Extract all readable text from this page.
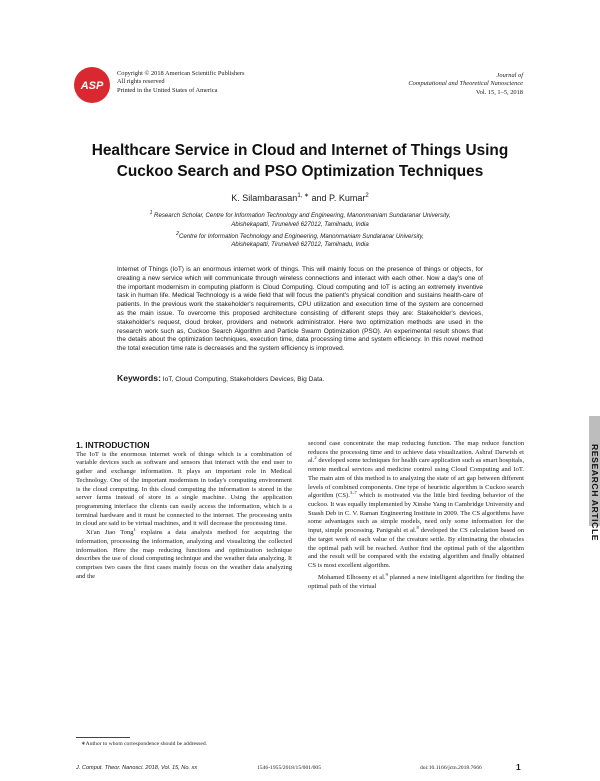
ASP
Copyright © 2018 American Scientific Publishers
All rights reserved
Printed in the United States of America
Journal of
Computational and Theoretical Nanoscience
Vol. 15, 1–5, 2018
Healthcare Service in Cloud and Internet of Things Using
Cuckoo Search and PSO Optimization Techniques
K. Silambarasan$^{1, ∗}$ and P. Kumar$^2$
$^1$ Research Scholar, Centre for Information Technology and Engineering, Manonmaniam Sundaranar University,
Abishekapatti, Tirunelveli 627012, Tamilnadu, India
$^2$Centre for Information Technology and Engineering, Manonmaniam Sundaranar University,
Abishekapatti, Tirunelveli 627012, Tamilnadu, India
Internet of Things (IoT) is an enormous internet work of things. This will mainly focus on the presence of things or objects, for creating a new service which will communicate through wireless connections and interact with each other. Now a day's one of the important modernism in computing platform is Cloud Computing. Cloud computing and IoT is acting an extremely inventive task in human life. Medical Technology is a wide field that will focus the patient's physical condition and sustains health-care of patients. In the previous work the stakeholder's requirements, CPU utilization and execution time of the system are concerned as the main issue. To overcome this proposed architecture consisting of different steps they are: Stakeholder's devices, stakeholder's request, cloud broker, providers and network administrator. Here two optimization methods are used in the research work such as, Cuckoo Search Algorithm and Particle Swarm Optimization (PSO). An experimental result shows that the details about the optimization techniques, execution time, data processing time and system efficiency. In this novel method the total execution time rate is decreases and the system efficiency is improved.
Keywords: IoT, Cloud Computing, Stakeholders Devices, Big Data.
RESEARCH ARTICLE
1. INTRODUCTION

The IoT is the enormous internet work of things which is a combination of variable devices such as software and sensors that interact with the end user to gather and exchange information. It plays an important role in Medical Technology. One of the important modernism in today's computing environment is the cloud computing. In this cloud computing the information is stored in the server farms instead of store in a single machine. Using the application programming interface the clients can easily access the information, which is a terminal hardware and it must be connected to the internet. The processing units in cloud are said to be virtual machines, and it will decrease the processing time.

Xi'an Jiao Tong$^1$ explains a data analysis method for acquiring the information, processing the information, analyzing and visualizing the collected information. Here the map reducing functions and optimization technique describes the use of cloud computing technique and the weather data analyzing. It comprises two cases the first cases mainly focus on the weather data analyzing and the

second case concentrate the map reducing function. The map reduce function reduces the processing time and to achieve data visualization. Ashraf Darwish et al.$^2$ developed some techniques for health care application such as smart hospitals, remote medical services and medicine control using Cloud Computing and IoT. The main aim of this method is to analyzing the state of art gap between different levels of combined components. One type of heuristic algorithm is Cuckoo search algorithm (CS).$^{3-7}$ which is motivated via the little bird feeding behavior of the cuckoo. It was equally implemented by Xinshe Yang in Cambridge University and Suash Deb in C. V. Raman Engineering Institute in 2009. The CS algorithms have some advantages such as simple models, need only some information for the input, simple processing. Panigrahi et al.$^8$ developed the CS calculation based on the target work of each value of the creature settle. By eliminating the obstacles the optimal path will be reached. Author find the optimal path of the algorithm and the result will be compared with the existing algorithm and finally obtained CS is most excellent algorithm.

Mohamed Elhoseny et al.$^9$ planned a new intelligent algorithm for finding the optimal path of the virtual

∗Author to whom correspondence should be addressed.
J. Comput. Theor. Nanosci. 2018, Vol. 15, No. xx	1546-1955/2018/15/001/005	doi:10.1166/jctn.2018.7666	1
